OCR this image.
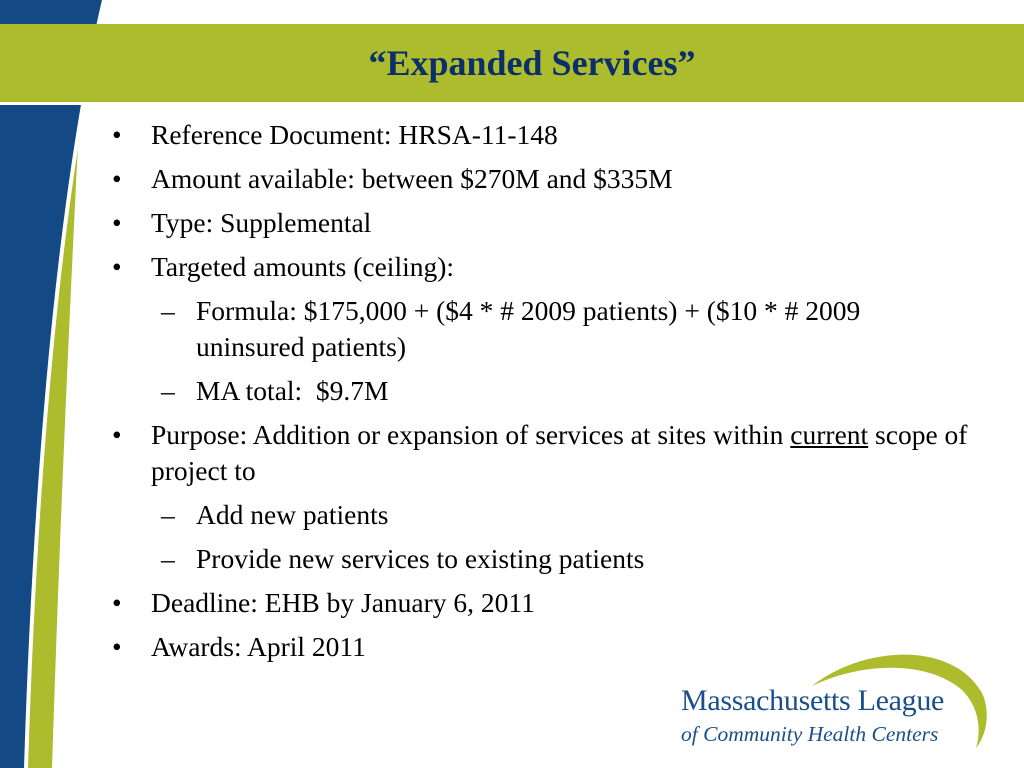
“Expanded Services”
• Reference Document: HRSA-11-148
• Amount available: between $270M and $335M
• Type: Supplemental
• Targeted amounts (ceiling):
– Formula: $175,000 + ($4 * # 2009 patients) + ($10 * # 2009 uninsured patients)
– MA total:  $9.7M
• Purpose: Addition or expansion of services at sites within current scope of project to
– Add new patients
– Provide new services to existing patients
• Deadline: EHB by January 6, 2011
• Awards: April 2011
Massachusetts League
of Community Health Centers
